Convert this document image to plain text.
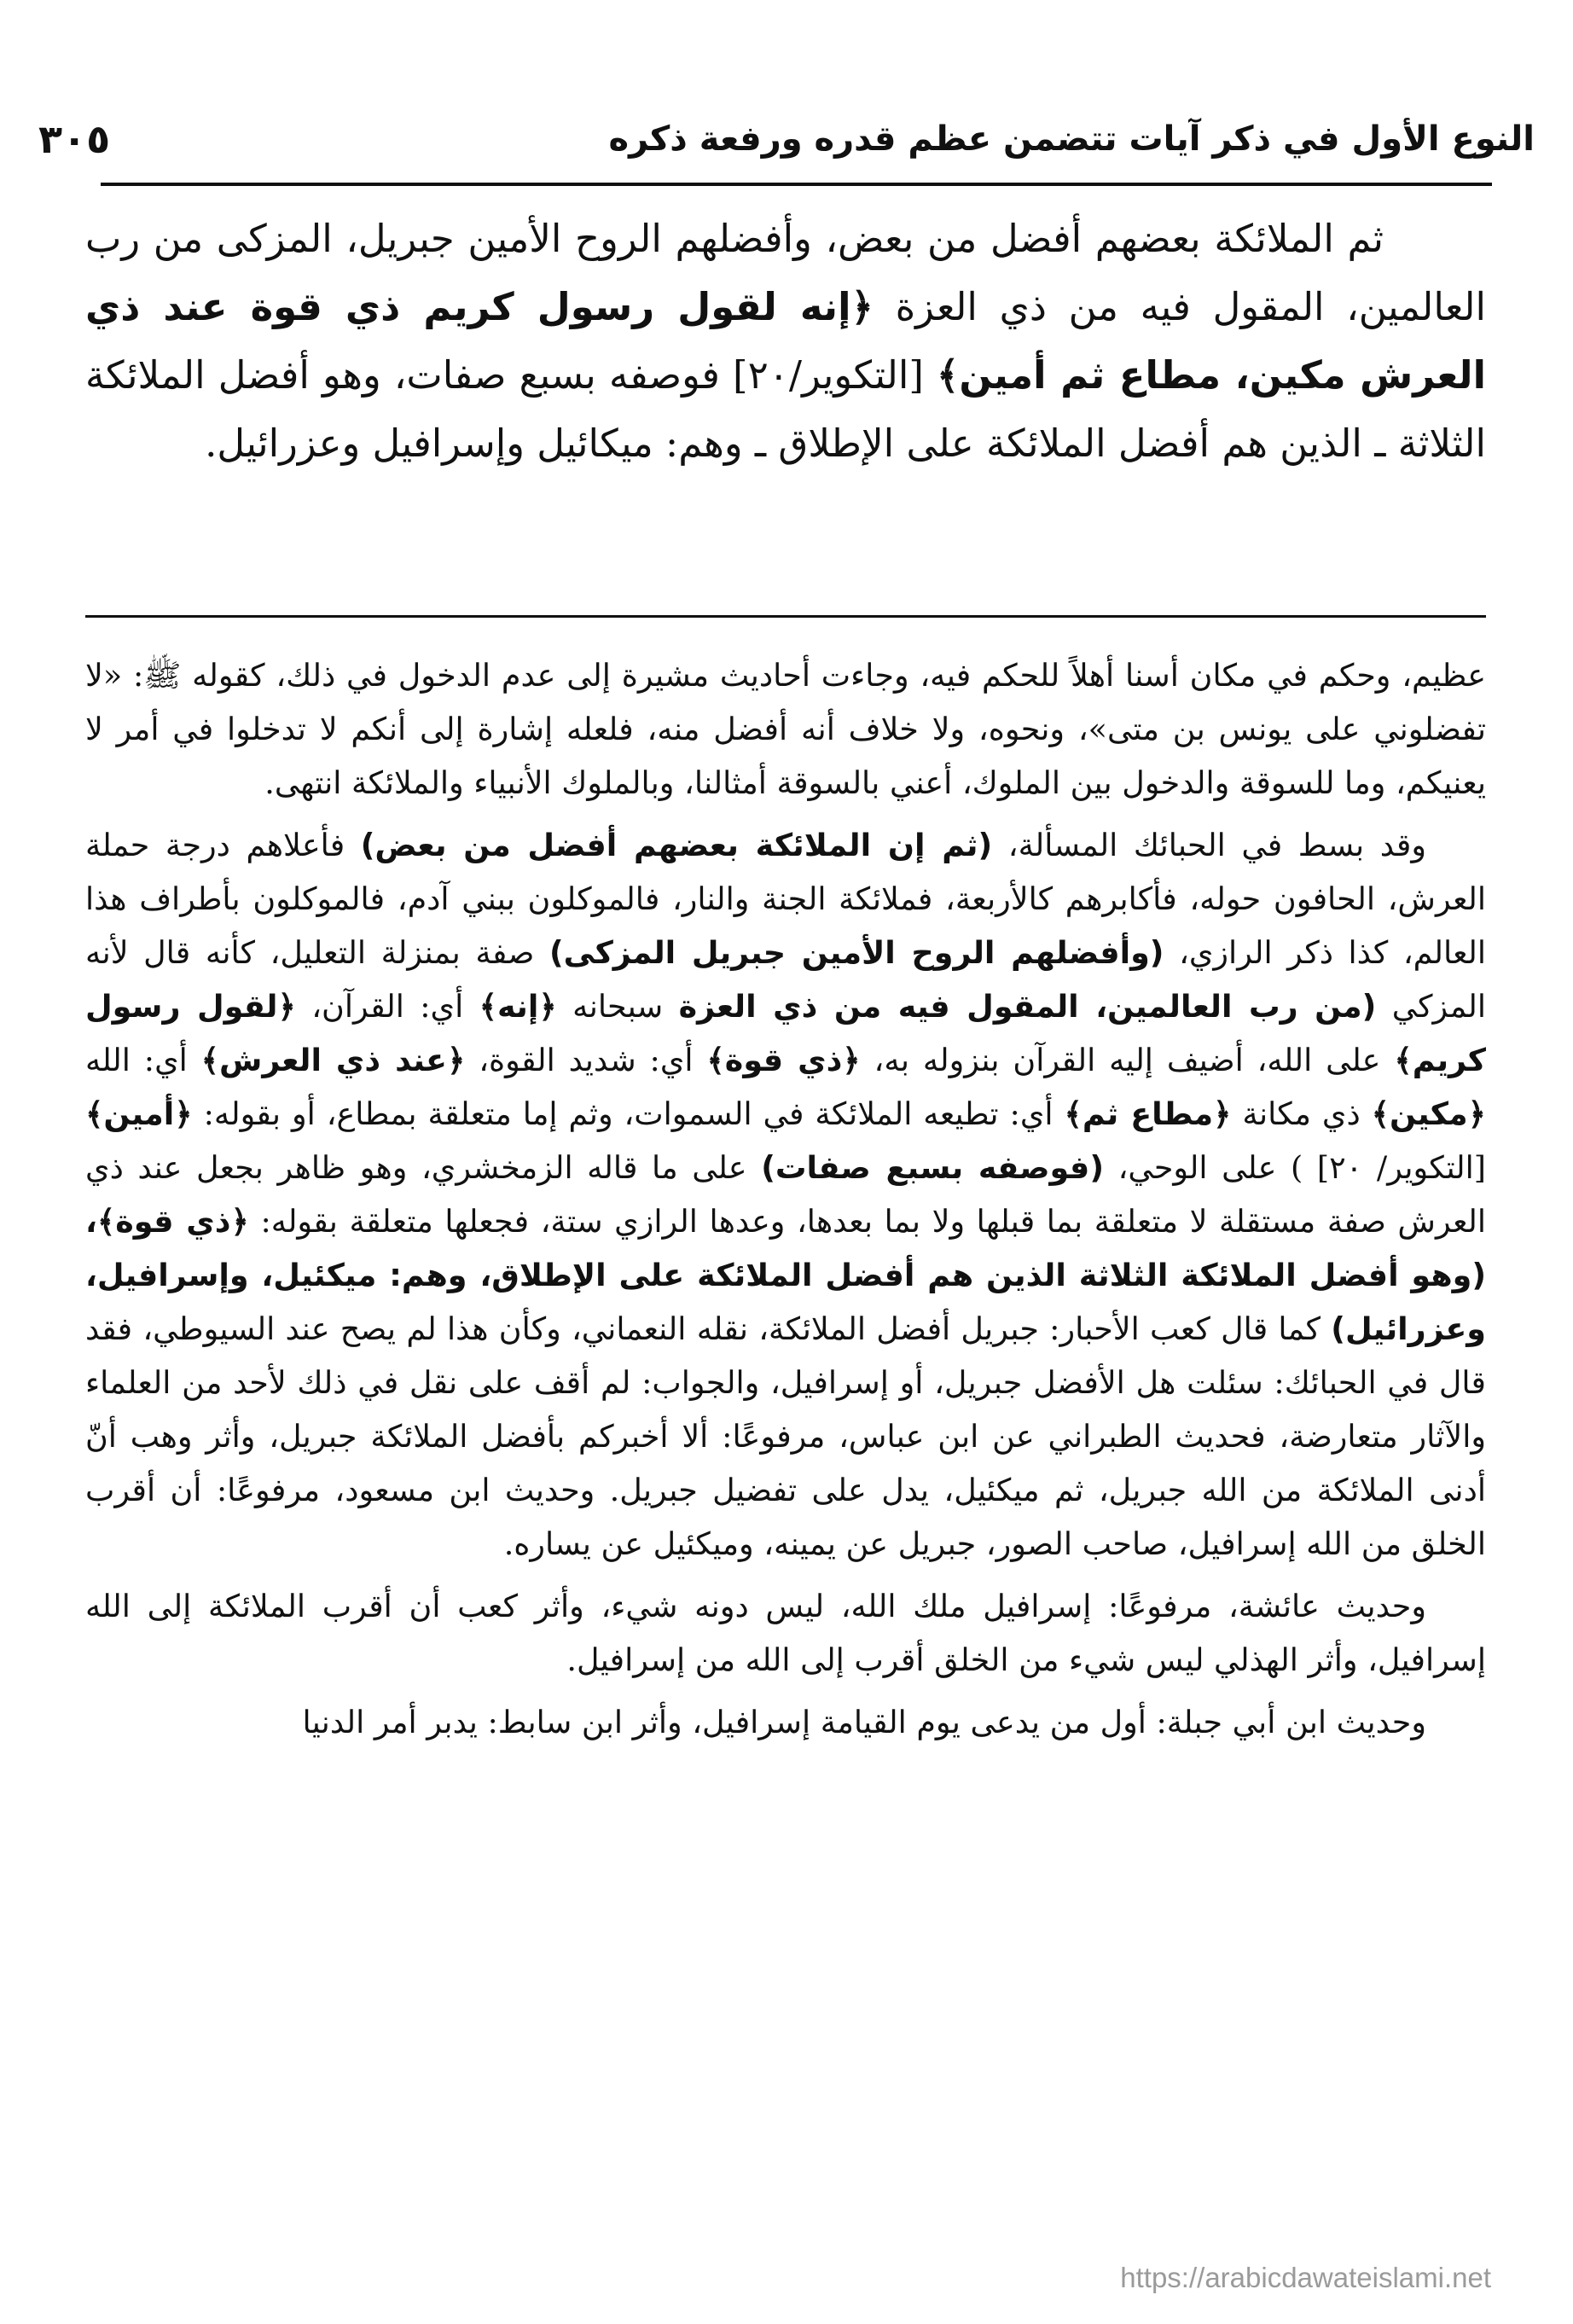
النوع الأول في ذكر آيات تتضمن عظم قدره ورفعة ذكره
٣٠٥

ثم الملائكة بعضهم أفضل من بعض، وأفضلهم الروح الأمين جبريل، المزكى من رب العالمين، المقول فيه من ذي العزة ﴿إنه لقول رسول كريم ذي قوة عند ذي العرش مكين، مطاع ثم أمين﴾ [التكوير/٢٠] فوصفه بسبع صفات، وهو أفضل الملائكة الثلاثة ـ الذين هم أفضل الملائكة على الإطلاق ـ وهم: ميكائيل وإسرافيل وعزرائيل.

عظيم، وحكم في مكان أسنا أهلاً للحكم فيه، وجاءت أحاديث مشيرة إلى عدم الدخول في ذلك، كقوله ﷺ: «لا تفضلوني على يونس بن متى»، ونحوه، ولا خلاف أنه أفضل منه، فلعله إشارة إلى أنكم لا تدخلوا في أمر لا يعنيكم، وما للسوقة والدخول بين الملوك، أعني بالسوقة أمثالنا، وبالملوك الأنبياء والملائكة انتهى.

وقد بسط في الحبائك المسألة، (ثم إن الملائكة بعضهم أفضل من بعض) فأعلاهم درجة حملة العرش، الحافون حوله، فأكابرهم كالأربعة، فملائكة الجنة والنار، فالموكلون ببني آدم، فالموكلون بأطراف هذا العالم، كذا ذكر الرازي، (وأفضلهم الروح الأمين جبريل المزكى) صفة بمنزلة التعليل، كأنه قال لأنه المزكي (من رب العالمين، المقول فيه من ذي العزة سبحانه ﴿إنه﴾ أي: القرآن، ﴿لقول رسول كريم﴾ على الله، أضيف إليه القرآن بنزوله به، ﴿ذي قوة﴾ أي: شديد القوة، ﴿عند ذي العرش﴾ أي: الله ﴿مكين﴾ ذي مكانة ﴿مطاع ثم﴾ أي: تطيعه الملائكة في السموات، وثم إما متعلقة بمطاع، أو بقوله: ﴿أمين﴾ [التكوير/ ٢٠] ) على الوحي، (فوصفه بسبع صفات) على ما قاله الزمخشري، وهو ظاهر بجعل عند ذي العرش صفة مستقلة لا متعلقة بما قبلها ولا بما بعدها، وعدها الرازي ستة، فجعلها متعلقة بقوله: ﴿ذي قوة﴾، (وهو أفضل الملائكة الثلاثة الذين هم أفضل الملائكة على الإطلاق، وهم: ميكئيل، وإسرافيل، وعزرائيل) كما قال كعب الأحبار: جبريل أفضل الملائكة، نقله النعماني، وكأن هذا لم يصح عند السيوطي، فقد قال في الحبائك: سئلت هل الأفضل جبريل، أو إسرافيل، والجواب: لم أقف على نقل في ذلك لأحد من العلماء والآثار متعارضة، فحديث الطبراني عن ابن عباس، مرفوعًا: ألا أخبركم بأفضل الملائكة جبريل، وأثر وهب أنّ أدنى الملائكة من الله جبريل، ثم ميكئيل، يدل على تفضيل جبريل. وحديث ابن مسعود، مرفوعًا: أن أقرب الخلق من الله إسرافيل، صاحب الصور، جبريل عن يمينه، وميكئيل عن يساره.

وحديث عائشة، مرفوعًا: إسرافيل ملك الله، ليس دونه شيء، وأثر كعب أن أقرب الملائكة إلى الله إسرافيل، وأثر الهذلي ليس شيء من الخلق أقرب إلى الله من إسرافيل.

وحديث ابن أبي جبلة: أول من يدعى يوم القيامة إسرافيل، وأثر ابن سابط: يدبر أمر الدنيا

https://arabicdawateislami.net
